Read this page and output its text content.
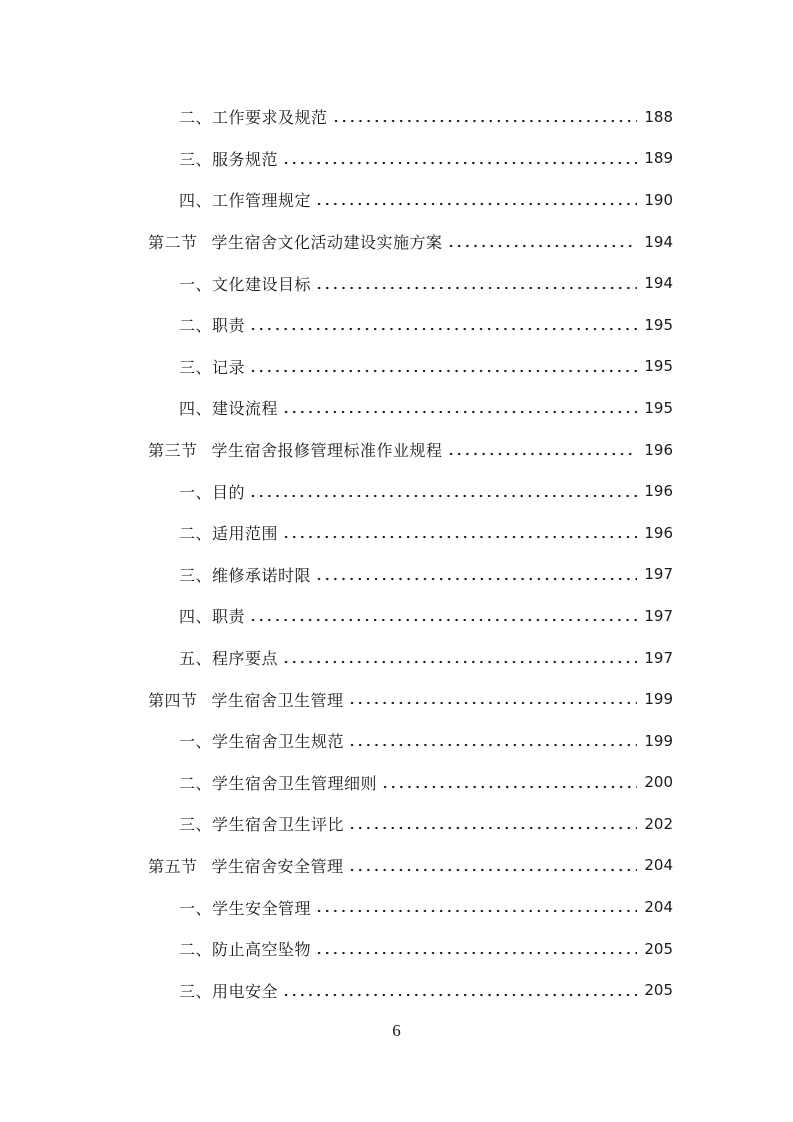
二、工作要求及规范	188
三、服务规范	189
四、工作管理规定	190
第二节 学生宿舍文化活动建设实施方案	194
一、文化建设目标	194
二、职责	195
三、记录	195
四、建设流程	195
第三节 学生宿舍报修管理标准作业规程	196
一、目的	196
二、适用范围	196
三、维修承诺时限	197
四、职责	197
五、程序要点	197
第四节 学生宿舍卫生管理	199
一、学生宿舍卫生规范	199
二、学生宿舍卫生管理细则	200
三、学生宿舍卫生评比	202
第五节 学生宿舍安全管理	204
一、学生安全管理	204
二、防止高空坠物	205
三、用电安全	205
6
